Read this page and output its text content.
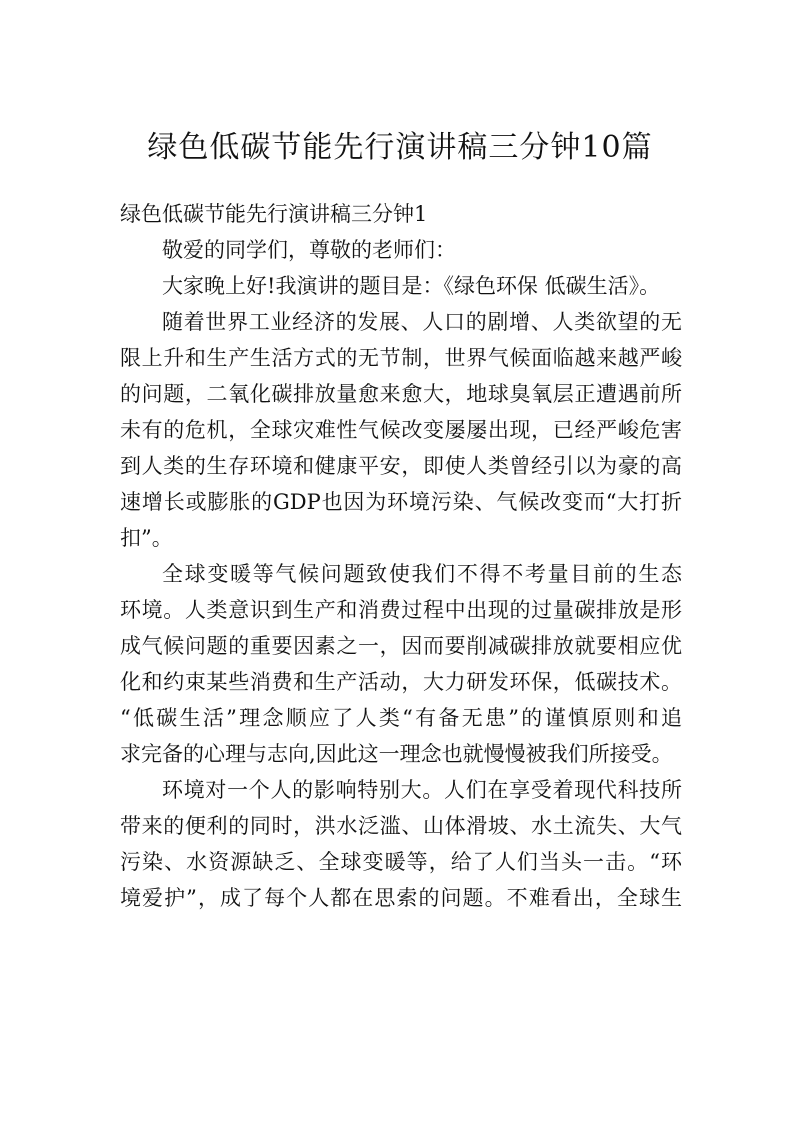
绿色低碳节能先行演讲稿三分钟10篇
绿色低碳节能先行演讲稿三分钟1
敬爱的同学们，尊敬的老师们：
大家晚上好!我演讲的题目是：《绿色环保 低碳生活》。
随着世界工业经济的发展、人口的剧增、人类欲望的无
限上升和生产生活方式的无节制，世界气候面临越来越严峻
的问题，二氧化碳排放量愈来愈大，地球臭氧层正遭遇前所
未有的危机，全球灾难性气候改变屡屡出现，已经严峻危害
到人类的生存环境和健康平安，即使人类曾经引以为豪的高
速增长或膨胀的GDP也因为环境污染、气候改变而“大打折
扣”。
全球变暖等气候问题致使我们不得不考量目前的生态
环境。人类意识到生产和消费过程中出现的过量碳排放是形
成气候问题的重要因素之一，因而要削减碳排放就要相应优
化和约束某些消费和生产活动，大力研发环保，低碳技术。
“低碳生活”理念顺应了人类“有备无患”的谨慎原则和追
求完备的心理与志向,因此这一理念也就慢慢被我们所接受。
环境对一个人的影响特别大。人们在享受着现代科技所
带来的便利的同时，洪水泛滥、山体滑坡、水土流失、大气
污染、水资源缺乏、全球变暖等，给了人们当头一击。“环
境爱护”，成了每个人都在思索的问题。不难看出，全球生
